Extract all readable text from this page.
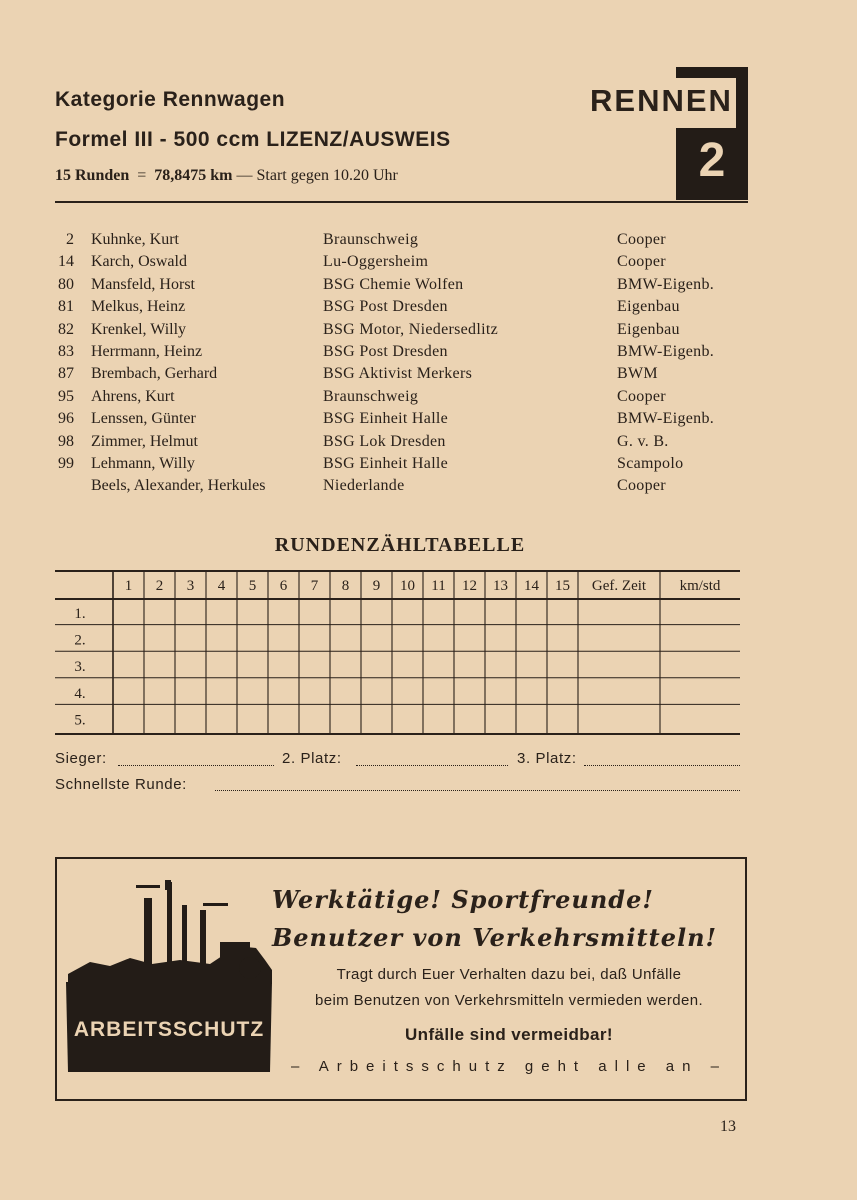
Kategorie Rennwagen
Formel III - 500 ccm LIZENZ/AUSWEIS
15 Runden = 78,8475 km — Start gegen 10.20 Uhr
RENNEN
2
2 Kuhnke, Kurt	Braunschweig	Cooper
14 Karch, Oswald	Lu-Oggersheim	Cooper
80 Mansfeld, Horst	BSG Chemie Wolfen	BMW-Eigenb.
81 Melkus, Heinz	BSG Post Dresden	Eigenbau
82 Krenkel, Willy	BSG Motor, Niedersedlitz	Eigenbau
83 Herrmann, Heinz	BSG Post Dresden	BMW-Eigenb.
87 Brembach, Gerhard	BSG Aktivist Merkers	BWM
95 Ahrens, Kurt	Braunschweig	Cooper
96 Lenssen, Günter	BSG Einheit Halle	BMW-Eigenb.
98 Zimmer, Helmut	BSG Lok Dresden	G. v. B.
99 Lehmann, Willy	BSG Einheit Halle	Scampolo
Beels, Alexander, Herkules	Niederlande	Cooper
RUNDENZÄHLTABELLE
1 2 3 4 5 6 7 8 9 10 11 12 13 14 15 Gef. Zeit km/std
1.
2.
3.
4.
5.
Sieger:	2. Platz:	3. Platz:
Schnellste Runde:
ARBEITSSCHUTZ
Werktätige! Sportfreunde!
Benutzer von Verkehrsmitteln!
Tragt durch Euer Verhalten dazu bei, daß Unfälle
beim Benutzen von Verkehrsmitteln vermieden werden.
Unfälle sind vermeidbar!
– Arbeitsschutz geht alle an –
13
